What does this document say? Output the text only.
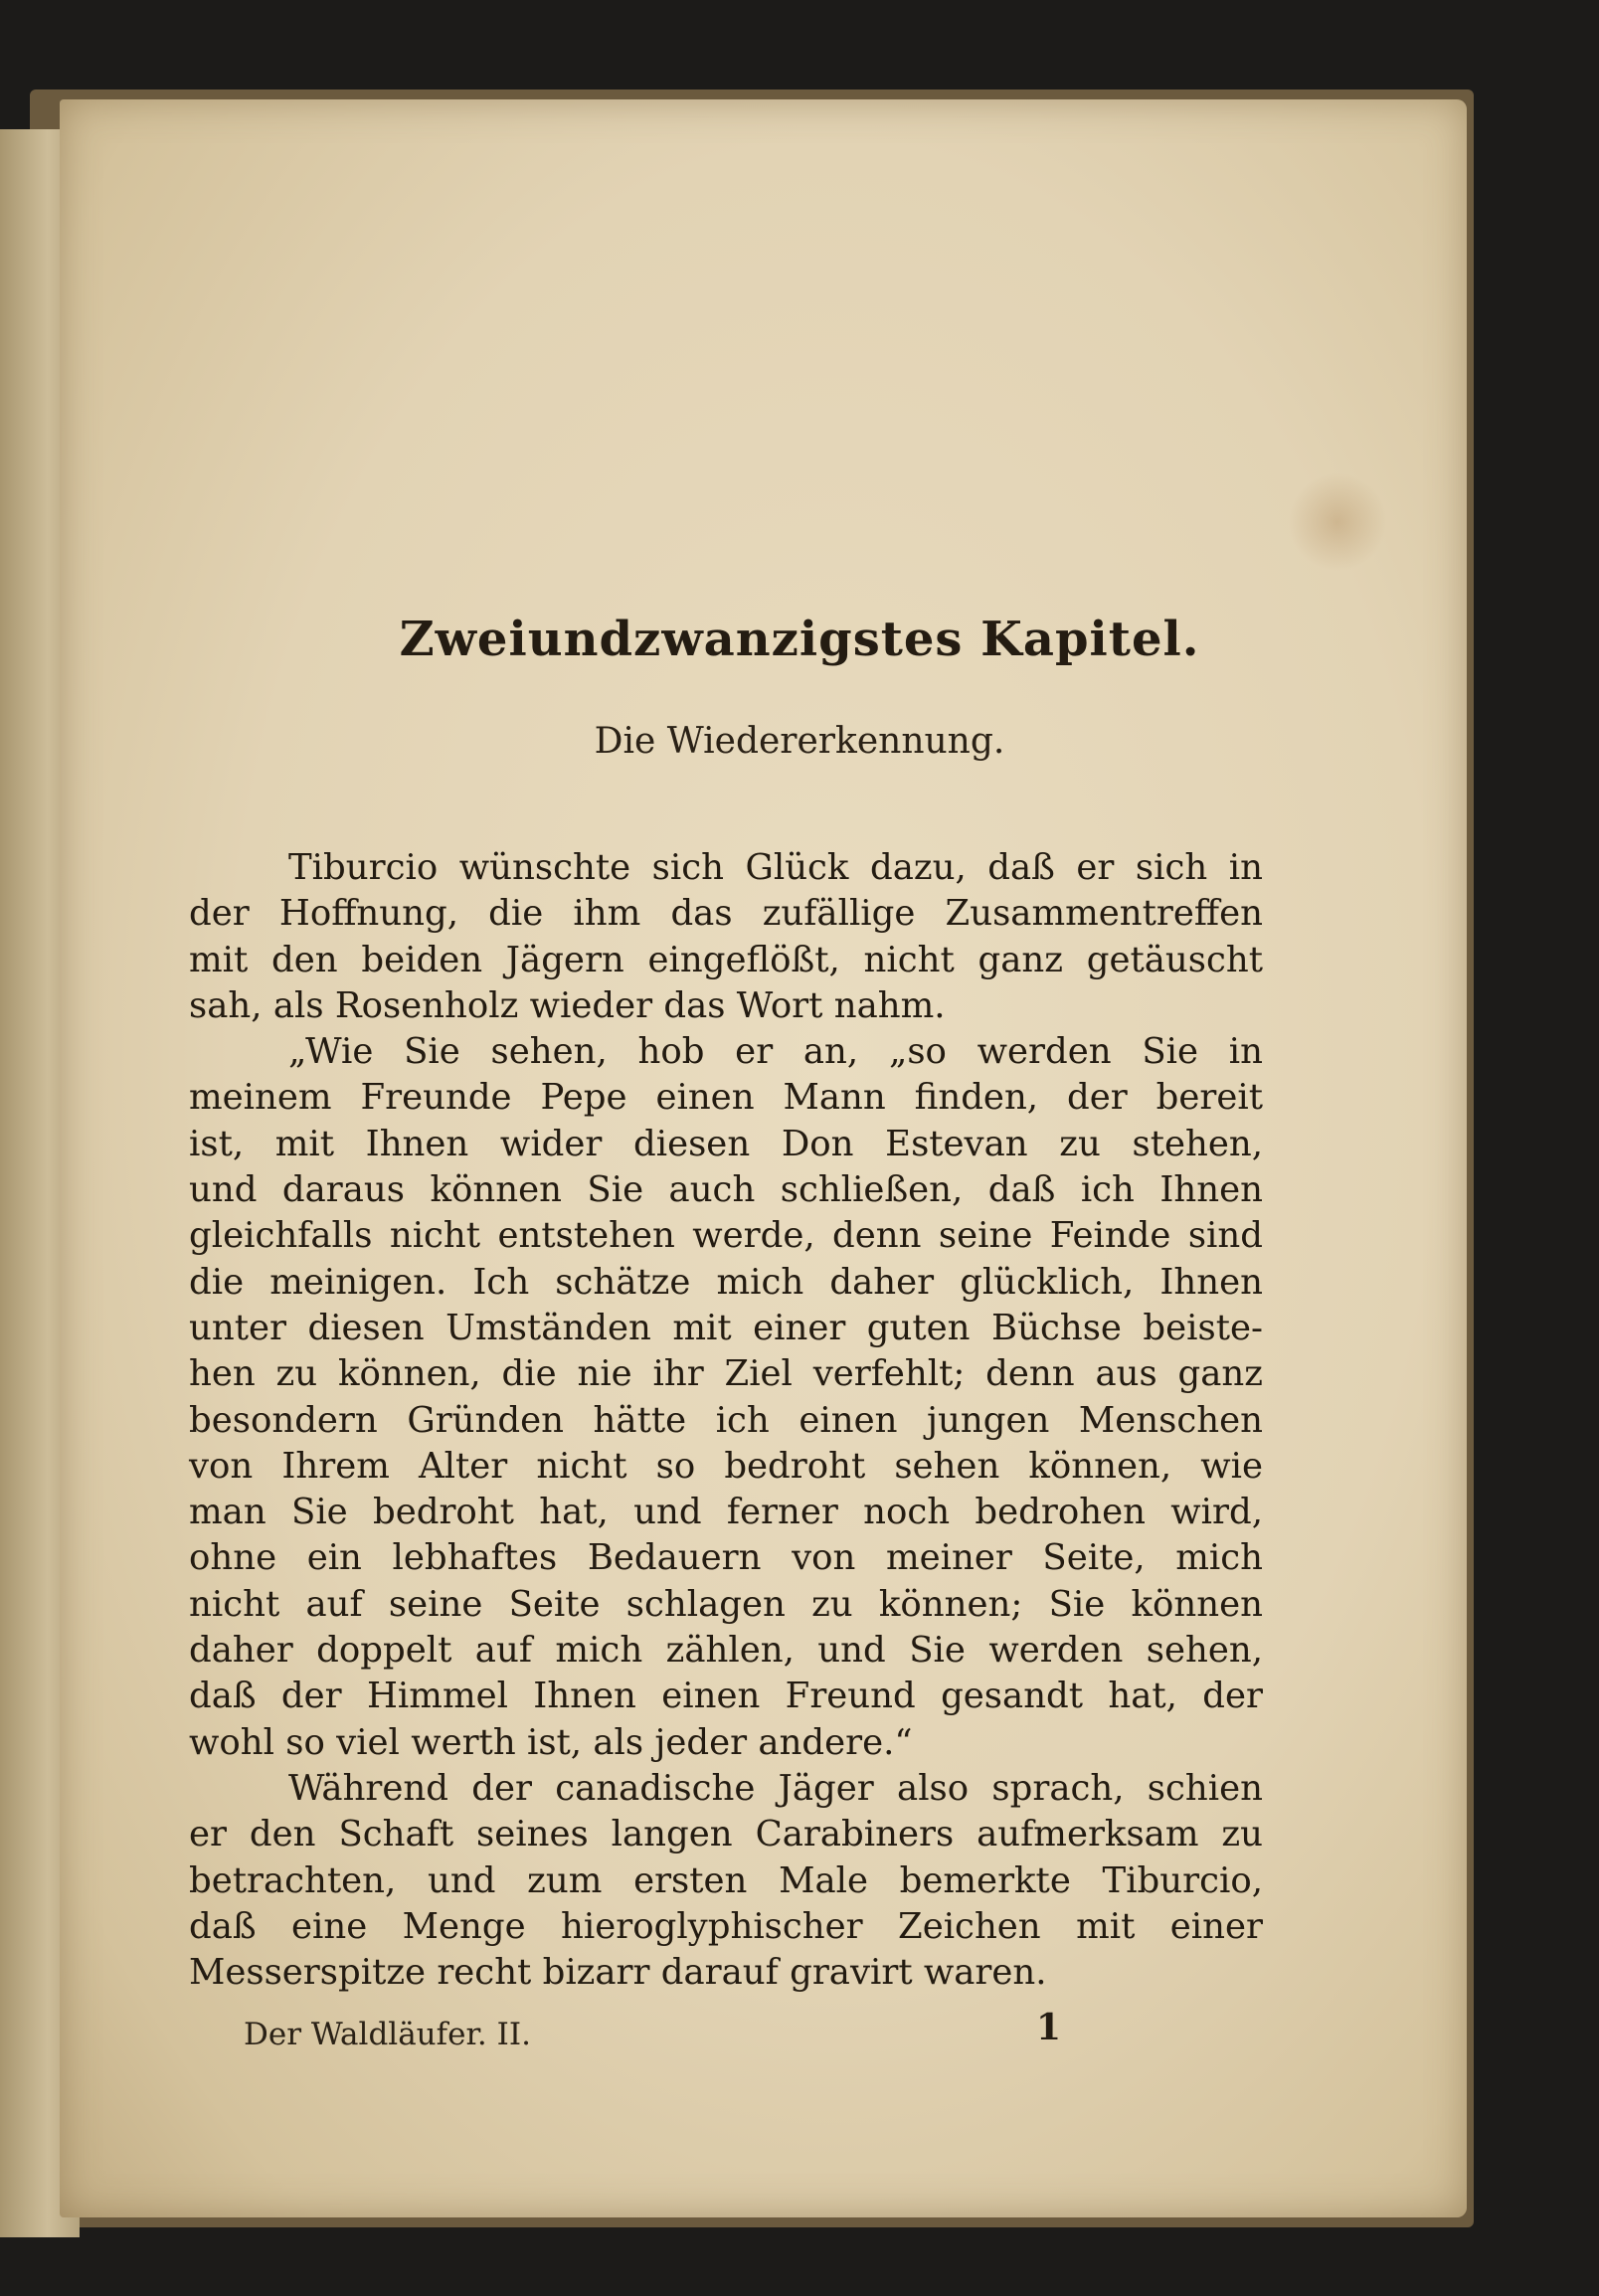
Zweiundzwanzigstes Kapitel.
Die Wiedererkennung.
Tiburcio wünschte sich Glück dazu, daß er sich in
der Hoffnung, die ihm das zufällige Zusammentreffen
mit den beiden Jägern eingeflößt, nicht ganz getäuscht
sah, als Rosenholz wieder das Wort nahm.
„Wie Sie sehen, hob er an, „so werden Sie in
meinem Freunde Pepe einen Mann finden, der bereit
ist, mit Ihnen wider diesen Don Estevan zu stehen,
und daraus können Sie auch schließen, daß ich Ihnen
gleichfalls nicht entstehen werde, denn seine Feinde sind
die meinigen. Ich schätze mich daher glücklich, Ihnen
unter diesen Umständen mit einer guten Büchse beiste-
hen zu können, die nie ihr Ziel verfehlt; denn aus ganz
besondern Gründen hätte ich einen jungen Menschen
von Ihrem Alter nicht so bedroht sehen können, wie
man Sie bedroht hat, und ferner noch bedrohen wird,
ohne ein lebhaftes Bedauern von meiner Seite, mich
nicht auf seine Seite schlagen zu können; Sie können
daher doppelt auf mich zählen, und Sie werden sehen,
daß der Himmel Ihnen einen Freund gesandt hat, der
wohl so viel werth ist, als jeder andere.“
Während der canadische Jäger also sprach, schien
er den Schaft seines langen Carabiners aufmerksam zu
betrachten, und zum ersten Male bemerkte Tiburcio,
daß eine Menge hieroglyphischer Zeichen mit einer
Messerspitze recht bizarr darauf gravirt waren.
Der Waldläufer. II.	1
